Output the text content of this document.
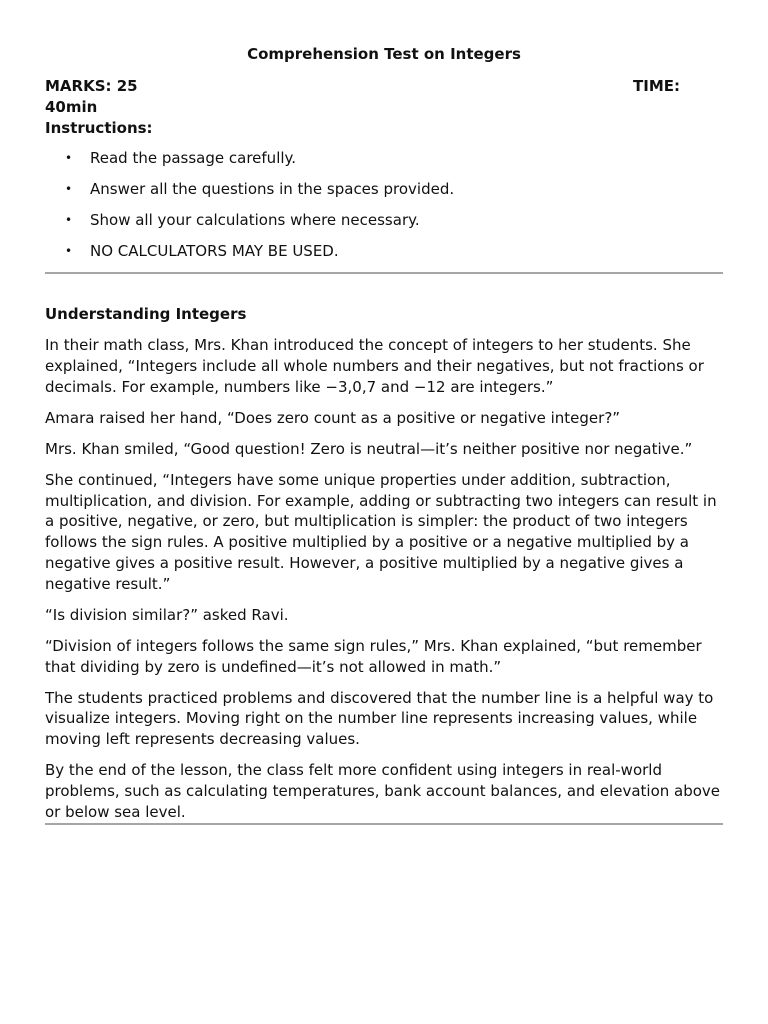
Comprehension Test on Integers
MARKS: 25	TIME:
40min
Instructions:
• Read the passage carefully.
• Answer all the questions in the spaces provided.
• Show all your calculations where necessary.
• NO CALCULATORS MAY BE USED.
Understanding Integers

In their math class, Mrs. Khan introduced the concept of integers to her students. She explained, “Integers include all whole numbers and their negatives, but not fractions or decimals. For example, numbers like −3,0,7 and −12 are integers.”

Amara raised her hand, “Does zero count as a positive or negative integer?”

Mrs. Khan smiled, “Good question! Zero is neutral—it’s neither positive nor negative.”

She continued, “Integers have some unique properties under addition, subtraction, multiplication, and division. For example, adding or subtracting two integers can result in a positive, negative, or zero, but multiplication is simpler: the product of two integers follows the sign rules. A positive multiplied by a positive or a negative multiplied by a negative gives a positive result. However, a positive multiplied by a negative gives a negative result.”

“Is division similar?” asked Ravi.

“Division of integers follows the same sign rules,” Mrs. Khan explained, “but remember that dividing by zero is undefined—it’s not allowed in math.”

The students practiced problems and discovered that the number line is a helpful way to visualize integers. Moving right on the number line represents increasing values, while moving left represents decreasing values.

By the end of the lesson, the class felt more confident using integers in real-world problems, such as calculating temperatures, bank account balances, and elevation above or below sea level.
